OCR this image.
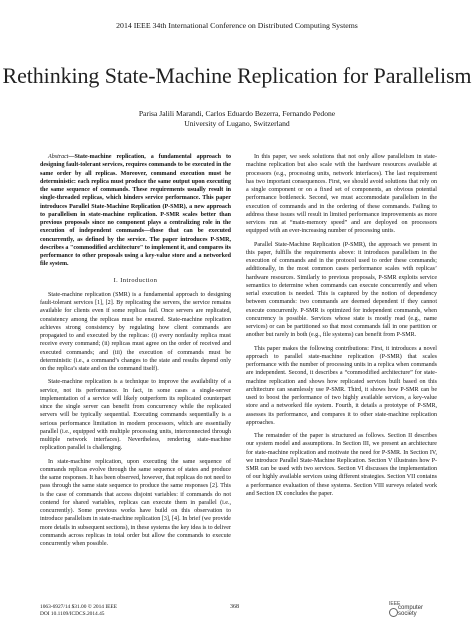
2014 IEEE 34th International Conference on Distributed Computing Systems
Rethinking State-Machine Replication for Parallelism
Parisa Jalili Marandi, Carlos Eduardo Bezerra, Fernando Pedone
University of Lugano, Switzerland

Abstract—State-machine replication, a fundamental approach to designing fault-tolerant services, requires commands to be executed in the same order by all replicas. Moreover, command execution must be deterministic: each replica must produce the same output upon executing the same sequence of commands. These requirements usually result in single-threaded replicas, which hinders service performance. This paper introduces Parallel State-Machine Replication (P-SMR), a new approach to parallelism in state-machine replication. P-SMR scales better than previous proposals since no component plays a centralizing role in the execution of independent commands—those that can be executed concurrently, as defined by the service. The paper introduces P-SMR, describes a "commodified architecture" to implement it, and compares its performance to other proposals using a key-value store and a networked file system.

I. Introduction

State-machine replication (SMR) is a fundamental approach to designing fault-tolerant services [1], [2]. By replicating the servers, the service remains available for clients even if some replicas fail. Once servers are replicated, consistency among the replicas must be ensured. State-machine replication achieves strong consistency by regulating how client commands are propagated to and executed by the replicas: (i) every nonfaulty replica must receive every command; (ii) replicas must agree on the order of received and executed commands; and (iii) the execution of commands must be deterministic (i.e., a command’s changes to the state and results depend only on the replica’s state and on the command itself).

State-machine replication is a technique to improve the availability of a service, not its performance. In fact, in some cases a single-server implementation of a service will likely outperform its replicated counterpart since the single server can benefit from concurrency while the replicated servers will be typically sequential. Executing commands sequentially is a serious performance limitation in modern processors, which are essentially parallel (i.e., equipped with multiple processing units, interconnected through multiple network interfaces). Nevertheless, rendering state-machine replication parallel is challenging.

In state-machine replication, upon executing the same sequence of commands replicas evolve through the same sequence of states and produce the same responses. It has been observed, however, that replicas do not need to pass through the same state sequence to produce the same responses [2]. This is the case of commands that access disjoint variables: if commands do not contend for shared variables, replicas can execute them in parallel (i.e., concurrently). Some previous works have build on this observation to introduce parallelism in state-machine replication [3], [4]. In brief (we provide more details in subsequent sections), in these systems the key idea is to deliver commands across replicas in total order but allow the commands to execute concurrently when possible.

In this paper, we seek solutions that not only allow parallelism in state-machine replication but also scale with the hardware resources available at processors (e.g., processing units, network interfaces). The last requirement has two important consequences. First, we should avoid solutions that rely on a single component or on a fixed set of components, an obvious potential performance bottleneck. Second, we must accommodate parallelism in the execution of commands and in the ordering of these commands. Failing to address these issues will result in limited performance improvements as more services run at “main-memory speed” and are deployed on processors equipped with an ever-increasing number of processing units.

Parallel State-Machine Replication (P-SMR), the approach we present in this paper, fulfills the requirements above: it introduces parallelism in the execution of commands and in the protocol used to order these commands; additionally, in the most common cases performance scales with replicas’ hardware resources. Similarly to previous proposals, P-SMR exploits service semantics to determine when commands can execute concurrently and when serial execution is needed. This is captured by the notion of dependency between commands: two commands are deemed dependent if they cannot execute concurrently. P-SMR is optimized for independent commands, when concurrency is possible. Services whose state is mostly read (e.g., name services) or can be partitioned so that most commands fall in one partition or another but rarely in both (e.g., file systems) can benefit from P-SMR.

This paper makes the following contributions: First, it introduces a novel approach to parallel state-machine replication (P-SMR) that scales performance with the number of processing units in a replica when commands are independent. Second, it describes a “commodified architecture” for state-machine replication and shows how replicated services built based on this architecture can seamlessly use P-SMR. Third, it shows how P-SMR can be used to boost the performance of two highly available services, a key-value store and a networked file system. Fourth, it details a prototype of P-SMR, assesses its performance, and compares it to other state-machine replication approaches.

The remainder of the paper is structured as follows. Section II describes our system model and assumptions. In Section III, we present an architecture for state-machine replication and motivate the need for P-SMR. In Section IV, we introduce Parallel State-Machine Replication. Section V illustrates how P-SMR can be used with two services. Section VI discusses the implementation of our highly available services using different strategies. Section VII contains a performance evaluation of these systems. Section VIII surveys related work and Section IX concludes the paper.

1063-6927/14 $31.00 © 2014 IEEE
DOI 10.1109/ICDCS.2014.45
368	IEEE
computer society
